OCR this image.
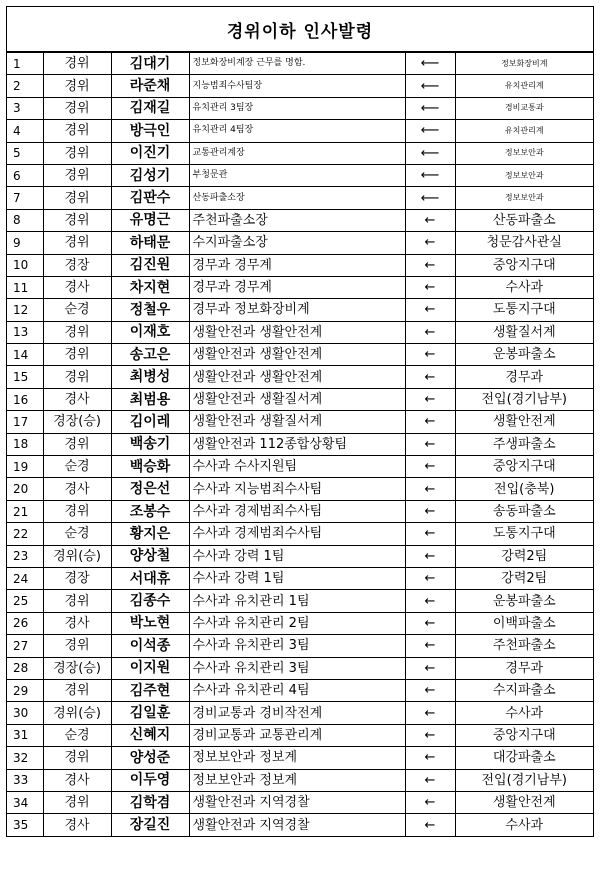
경위이하 인사발령
1	경위	김대기	정보화장비계장 근무를 명함.	⟵	정보화장비계
2	경위	라준채	지능범죄수사팀장	⟵	유치관리계
3	경위	김재길	유치관리 3팀장	⟵	경비교통과
4	경위	방극인	유치관리 4팀장	⟵	유치관리계
5	경위	이진기	교통관리계장	⟵	정보보안과
6	경위	김성기	부청문관	⟵	정보보안과
7	경위	김판수	산동파출소장	⟵	정보보안과
8	경위	유명근	주천파출소장	←	산동파출소
9	경위	하태문	수지파출소장	←	청문감사관실
10	경장	김진원	경무과 경무계	←	중앙지구대
11	경사	차지현	경무과 경무계	←	수사과
12	순경	정철우	경무과 정보화장비계	←	도통지구대
13	경위	이재호	생활안전과 생활안전계	←	생활질서계
14	경위	송고은	생활안전과 생활안전계	←	운봉파출소
15	경위	최병성	생활안전과 생활안전계	←	경무과
16	경사	최범용	생활안전과 생활질서계	←	전입(경기남부)
17	경장(승)	김이레	생활안전과 생활질서계	←	생활안전계
18	경위	백송기	생활안전과 112종합상황팀	←	주생파출소
19	순경	백승화	수사과 수사지원팀	←	중앙지구대
20	경사	정은선	수사과 지능범죄수사팀	←	전입(충북)
21	경위	조봉수	수사과 경제범죄수사팀	←	송동파출소
22	순경	황지은	수사과 경제범죄수사팀	←	도통지구대
23	경위(승)	양상철	수사과 강력 1팀	←	강력2팀
24	경장	서대휴	수사과 강력 1팀	←	강력2팀
25	경위	김종수	수사과 유치관리 1팀	←	운봉파출소
26	경사	박노현	수사과 유치관리 2팀	←	이백파출소
27	경위	이석종	수사과 유치관리 3팀	←	주천파출소
28	경장(승)	이지원	수사과 유치관리 3팀	←	경무과
29	경위	김주현	수사과 유치관리 4팀	←	수지파출소
30	경위(승)	김일훈	경비교통과 경비작전계	←	수사과
31	순경	신혜지	경비교통과 교통관리계	←	중앙지구대
32	경위	양성준	정보보안과 정보계	←	대강파출소
33	경사	이두영	정보보안과 정보계	←	전입(경기남부)
34	경위	김학겸	생활안전과 지역경찰	←	생활안전계
35	경사	장길진	생활안전과 지역경찰	←	수사과
